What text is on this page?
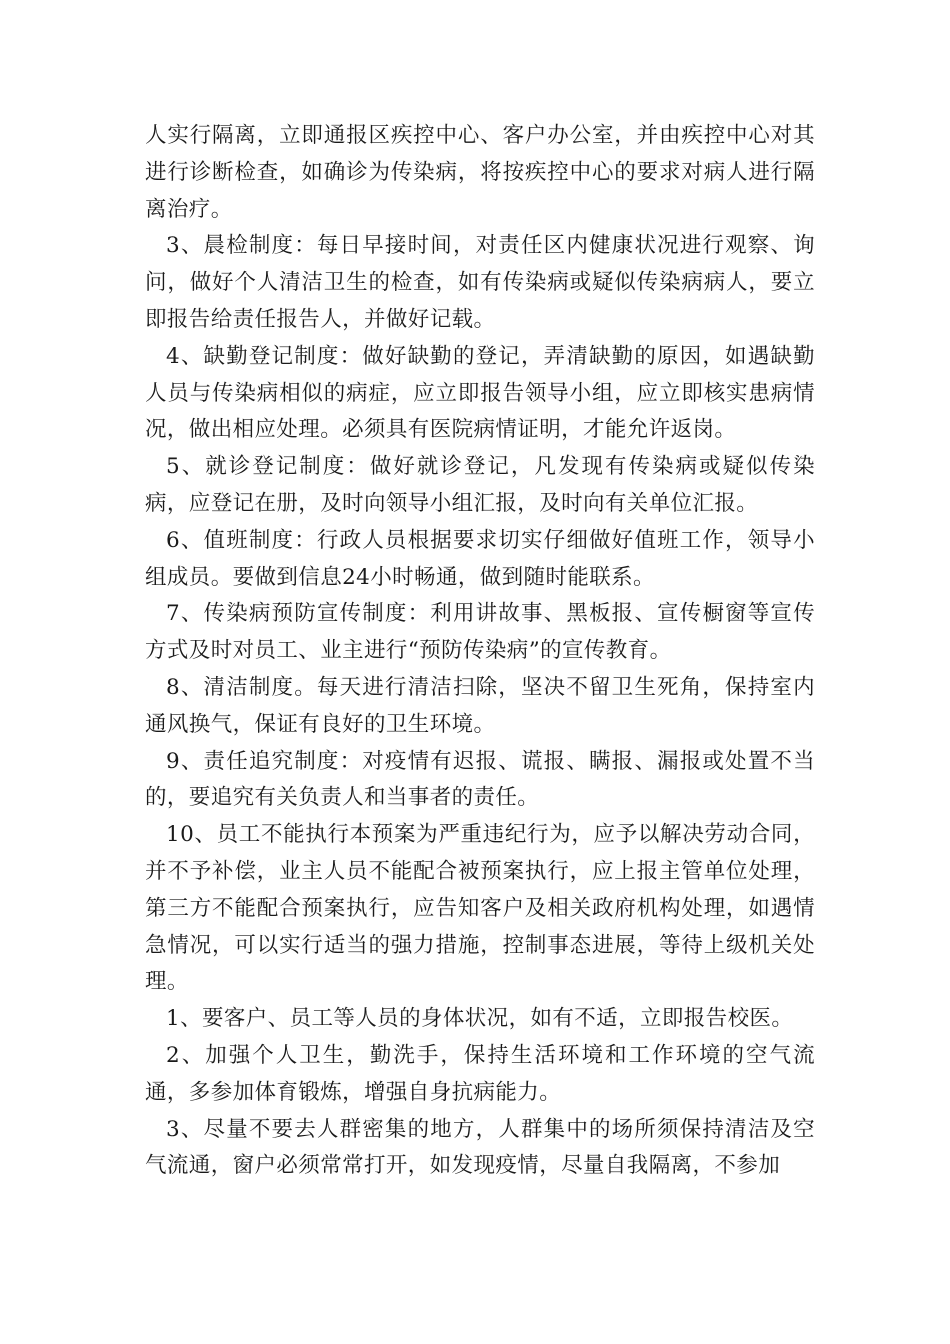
人实行隔离，立即通报区疾控中心、客户办公室，并由疾控中心对其进行诊断检查，如确诊为传染病，将按疾控中心的要求对病人进行隔离治疗。

3、晨检制度：每日早接时间，对责任区内健康状况进行观察、询问，做好个人清洁卫生的检查，如有传染病或疑似传染病病人，要立即报告给责任报告人，并做好记载。

4、缺勤登记制度：做好缺勤的登记，弄清缺勤的原因，如遇缺勤人员与传染病相似的病症，应立即报告领导小组，应立即核实患病情况，做出相应处理。必须具有医院病情证明，才能允许返岗。

5、就诊登记制度：做好就诊登记，凡发现有传染病或疑似传染病，应登记在册，及时向领导小组汇报，及时向有关单位汇报。

6、值班制度：行政人员根据要求切实仔细做好值班工作，领导小组成员。要做到信息24小时畅通，做到随时能联系。

7、传染病预防宣传制度：利用讲故事、黑板报、宣传橱窗等宣传方式及时对员工、业主进行“预防传染病”的宣传教育。

8、清洁制度。每天进行清洁扫除，坚决不留卫生死角，保持室内通风换气，保证有良好的卫生环境。

9、责任追究制度：对疫情有迟报、谎报、瞒报、漏报或处置不当的，要追究有关负责人和当事者的责任。

10、员工不能执行本预案为严重违纪行为，应予以解决劳动合同，并不予补偿，业主人员不能配合被预案执行，应上报主管单位处理，第三方不能配合预案执行，应告知客户及相关政府机构处理，如遇情急情况，可以实行适当的强力措施，控制事态进展，等待上级机关处理。

1、要客户、员工等人员的身体状况，如有不适，立即报告校医。

2、加强个人卫生，勤洗手，保持生活环境和工作环境的空气流通，多参加体育锻炼，增强自身抗病能力。

3、尽量不要去人群密集的地方，人群集中的场所须保持清洁及空气流通，窗户必须常常打开，如发现疫情，尽量自我隔离，不参加
